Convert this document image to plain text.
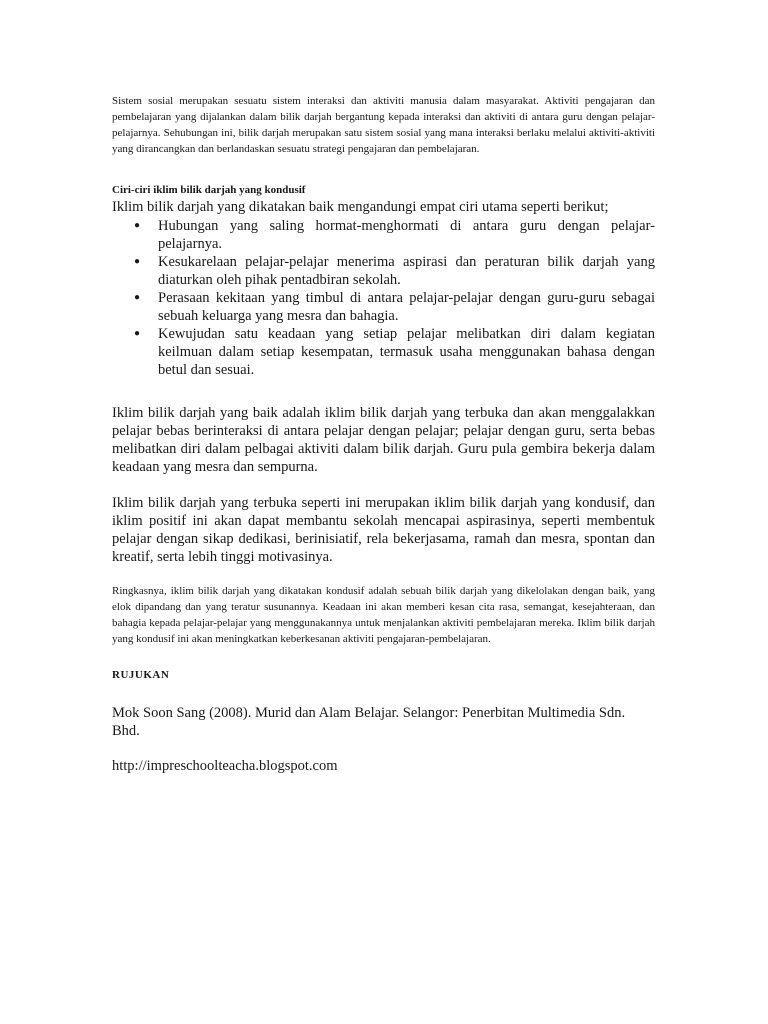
Sistem sosial merupakan sesuatu sistem interaksi dan aktiviti manusia dalam masyarakat. Aktiviti pengajaran dan pembelajaran yang dijalankan dalam bilik darjah bergantung kepada interaksi dan aktiviti di antara guru dengan pelajar-pelajarnya. Sehubungan ini, bilik darjah merupakan satu sistem sosial yang mana interaksi berlaku melalui aktiviti-aktiviti yang dirancangkan dan berlandaskan sesuatu strategi pengajaran dan pembelajaran.

Ciri-ciri iklim bilik darjah yang kondusif

Iklim bilik darjah yang dikatakan baik mengandungi empat ciri utama seperti berikut;

● Hubungan yang saling hormat-menghormati di antara guru dengan pelajar-pelajarnya.
● Kesukarelaan pelajar-pelajar menerima aspirasi dan peraturan bilik darjah yang diaturkan oleh pihak pentadbiran sekolah.
● Perasaan kekitaan yang timbul di antara pelajar-pelajar dengan guru-guru sebagai sebuah keluarga yang mesra dan bahagia.
● Kewujudan satu keadaan yang setiap pelajar melibatkan diri dalam kegiatan keilmuan dalam setiap kesempatan, termasuk usaha menggunakan bahasa dengan betul dan sesuai.

Iklim bilik darjah yang baik adalah iklim bilik darjah yang terbuka dan akan menggalakkan pelajar bebas berinteraksi di antara pelajar dengan pelajar; pelajar dengan guru, serta bebas melibatkan diri dalam pelbagai aktiviti dalam bilik darjah. Guru pula gembira bekerja dalam keadaan yang mesra dan sempurna.

Iklim bilik darjah yang terbuka seperti ini merupakan iklim bilik darjah yang kondusif, dan iklim positif ini akan dapat membantu sekolah mencapai aspirasinya, seperti membentuk pelajar dengan sikap dedikasi, berinisiatif, rela bekerjasama, ramah dan mesra, spontan dan kreatif, serta lebih tinggi motivasinya.

Ringkasnya, iklim bilik darjah yang dikatakan kondusif adalah sebuah bilik darjah yang dikelolakan dengan baik, yang elok dipandang dan yang teratur susunannya. Keadaan ini akan memberi kesan cita rasa, semangat, kesejahteraan, dan bahagia kepada pelajar-pelajar yang menggunakannya untuk menjalankan aktiviti pembelajaran mereka. Iklim bilik darjah yang kondusif ini akan meningkatkan keberkesanan aktiviti pengajaran-pembelajaran.

RUJUKAN

Mok Soon Sang (2008). Murid dan Alam Belajar. Selangor: Penerbitan Multimedia Sdn. Bhd.

http://impreschoolteacha.blogspot.com
